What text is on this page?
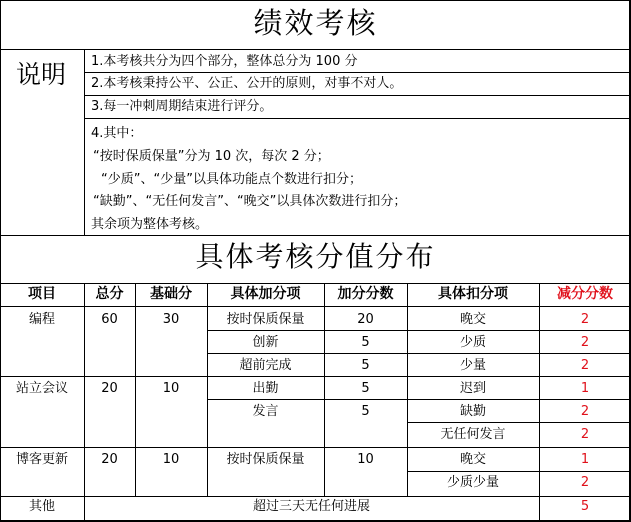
绩效考核
说明 1.本考核共分为四个部分，整体总分为 100 分
2.本考核秉持公平、公正、公开的原则，对事不对人。
3.每一冲刺周期结束进行评分。
4.其中：
“按时保质保量”分为 10 次，每次 2 分；
“少质”、“少量”以具体功能点个数进行扣分；
“缺勤”、“无任何发言”、“晚交”以具体次数进行扣分；
其余项为整体考核。
具体考核分值分布
项目	总分	基础分	具体加分项	加分分数	具体扣分项	减分分数
编程	60	30	按时保质保量	20	晚交	2
创新	5	少质	2
超前完成	5	少量	2
站立会议	20	10	出勤	5	迟到	1
发言	5	缺勤	2
无任何发言	2
博客更新	20	10	按时保质保量	10	晚交	1
少质少量	2
其他	超过三天无任何进展	5
